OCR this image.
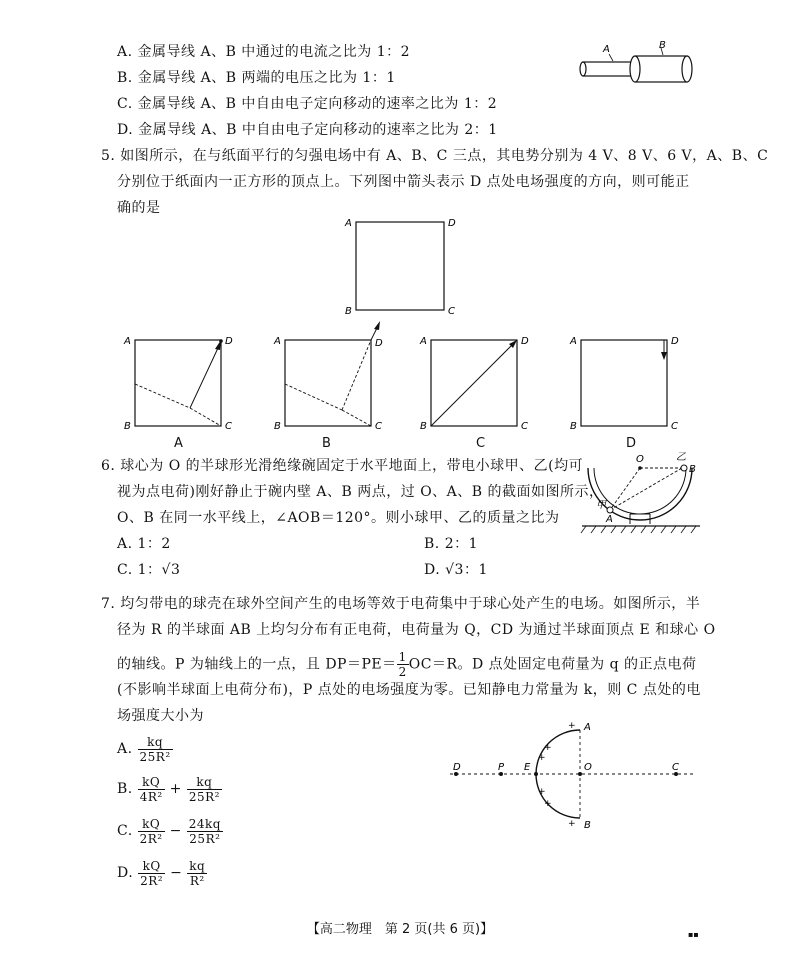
A. 金属导线 A、B 中通过的电流之比为 1：2
B. 金属导线 A、B 两端的电压之比为 1：1
C. 金属导线 A、B 中自由电子定向移动的速率之比为 1：2
D. 金属导线 A、B 中自由电子定向移动的速率之比为 2：1
A	B
5. 如图所示，在与纸面平行的匀强电场中有 A、B、C 三点，其电势分别为 4 V、8 V、6 V，A、B、C
分别位于纸面内一正方形的顶点上。下列图中箭头表示 D 点处电场强度的方向，则可能正
确的是
A	D
B	C
A	D
B	C
A
A	D
B	C
B
A	D
B	C
C
A	D
B	C
D
6. 球心为 O 的半球形光滑绝缘碗固定于水平地面上，带电小球甲、乙(均可
视为点电荷)刚好静止于碗内壁 A、B 两点，过 O、A、B 的截面如图所示，
O、B 在同一水平线上，∠AOB＝120°。则小球甲、乙的质量之比为
A. 1：2	B. 2：1
C. 1：√3	D. √3：1
O	乙
B
甲
A
7. 均匀带电的球壳在球外空间产生的电场等效于电荷集中于球心处产生的电场。如图所示，半
径为 R 的半球面 AB 上均匀分布有正电荷，电荷量为 Q，CD 为通过半球面顶点 E 和球心 O
的轴线。P 为轴线上的一点，且 $DP=PE= \frac{1}{2} OC=R$。D 点处固定电荷量为 q 的正点电荷
(不影响半球面上电荷分布)，P 点处的电场强度为零。已知静电力常量为 k，则 C 点处的电
场强度大小为
A. $\frac{kq}{\text{25R²}}$
B. $\frac{kQ}{\text{4R²}} + \frac{kq}{\text{25R²}}$
C. $\frac{kQ}{\text{2R²}} - \frac{24kq}{\text{25R²}}$
D. $\frac{kQ}{\text{2R²}} - \frac{kq}{\text{R²}}$
+
+
+
+
+
+
D	P E	O	C
A
B
【高二物理　第 2 页(共 6 页)】	▪▪
